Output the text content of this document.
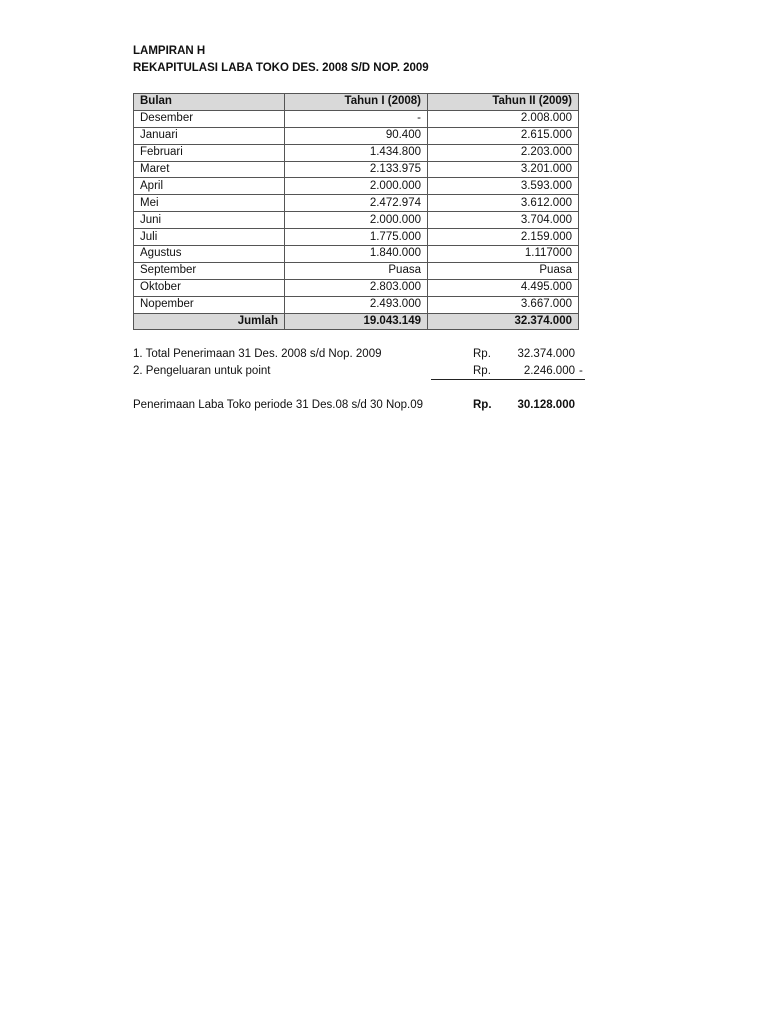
LAMPIRAN H
REKAPITULASI LABA TOKO DES. 2008 S/D NOP. 2009
Bulan	Tahun I (2008)	Tahun II (2009)
Desember	-	2.008.000
Januari	90.400	2.615.000
Februari	1.434.800	2.203.000
Maret	2.133.975	3.201.000
April	2.000.000	3.593.000
Mei	2.472.974	3.612.000
Juni	2.000.000	3.704.000
Juli	1.775.000	2.159.000
Agustus	1.840.000	1.117000
September	Puasa	Puasa
Oktober	2.803.000	4.495.000
Nopember	2.493.000	3.667.000
Jumlah	19.043.149	32.374.000
1. Total Penerimaan 31 Des. 2008 s/d Nop. 2009	Rp. 32.374.000
2. Pengeluaran untuk point	Rp.	2.246.000 -
Penerimaan Laba Toko periode 31 Des.08 s/d 30 Nop.09	Rp. 30.128.000
